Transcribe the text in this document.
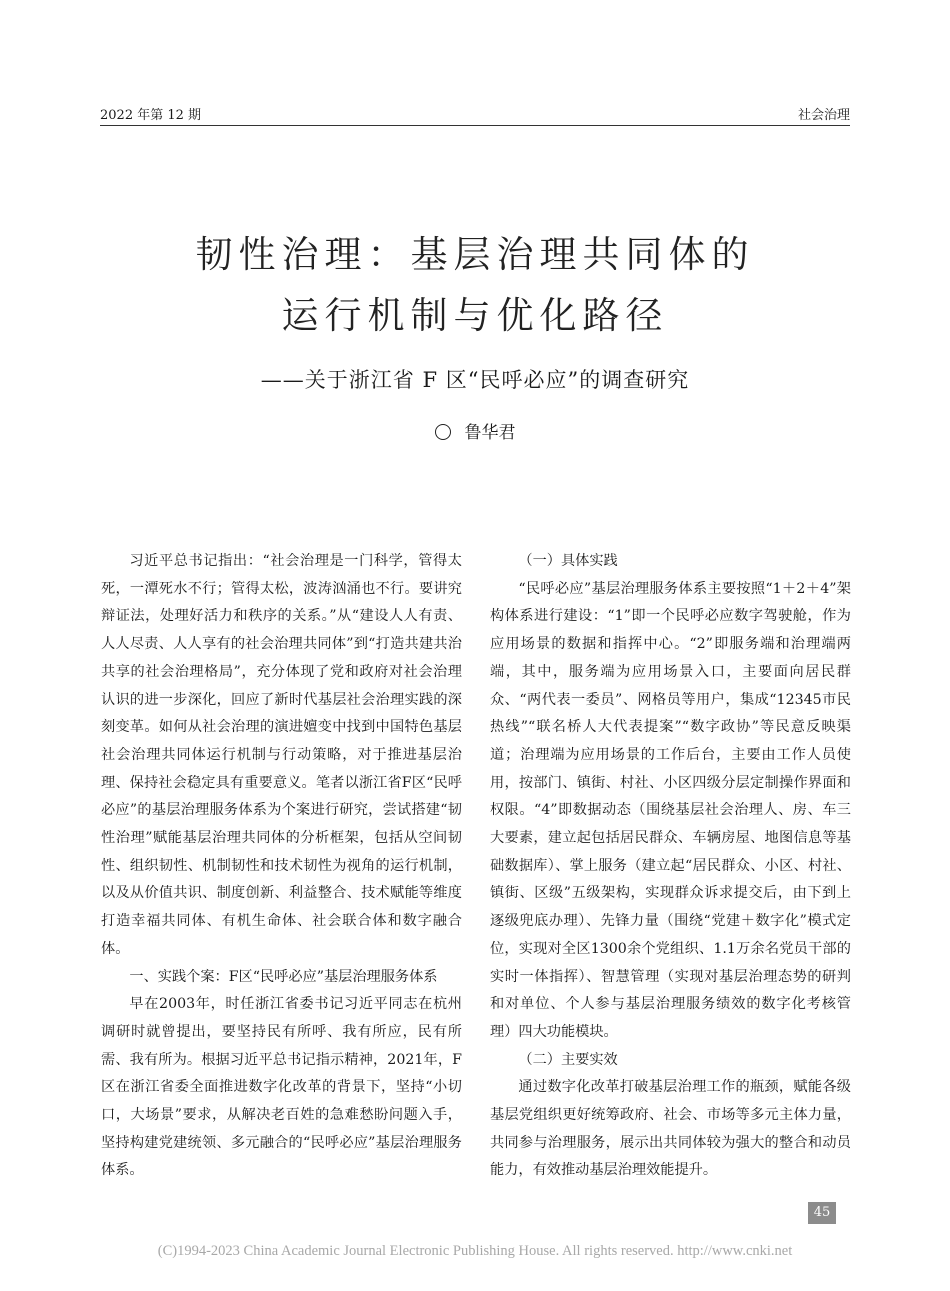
2022 年第 12 期	社会治理
韧性治理：基层治理共同体的
运行机制与优化路径
——关于浙江省 F 区“民呼必应”的调查研究
鲁华君

习近平总书记指出：“社会治理是一门科学，管得太死，一潭死水不行；管得太松，波涛汹涌也不行。要讲究辩证法，处理好活力和秩序的关系。”从“建设人人有责、人人尽责、人人享有的社会治理共同体”到“打造共建共治共享的社会治理格局”，充分体现了党和政府对社会治理认识的进一步深化，回应了新时代基层社会治理实践的深刻变革。如何从社会治理的演进嬗变中找到中国特色基层社会治理共同体运行机制与行动策略，对于推进基层治理、保持社会稳定具有重要意义。笔者以浙江省F区“民呼必应”的基层治理服务体系为个案进行研究，尝试搭建“韧性治理”赋能基层治理共同体的分析框架，包括从空间韧性、组织韧性、机制韧性和技术韧性为视角的运行机制，以及从价值共识、制度创新、利益整合、技术赋能等维度打造幸福共同体、有机生命体、社会联合体和数字融合体。

一、实践个案：F区“民呼必应”基层治理服务体系

早在2003年，时任浙江省委书记习近平同志在杭州调研时就曾提出，要坚持民有所呼、我有所应，民有所需、我有所为。根据习近平总书记指示精神，2021年，F区在浙江省委全面推进数字化改革的背景下，坚持“小切口，大场景”要求，从解决老百姓的急难愁盼问题入手，坚持构建党建统领、多元融合的“民呼必应”基层治理服务体系。

（一）具体实践

“民呼必应”基层治理服务体系主要按照“1＋2＋4”架构体系进行建设：“1”即一个民呼必应数字驾驶舱，作为应用场景的数据和指挥中心。“2”即服务端和治理端两端，其中，服务端为应用场景入口，主要面向居民群众、“两代表一委员”、网格员等用户，集成“12345市民热线”“联名桥人大代表提案”“数字政协”等民意反映渠道；治理端为应用场景的工作后台，主要由工作人员使用，按部门、镇街、村社、小区四级分层定制操作界面和权限。“4”即数据动态（围绕基层社会治理人、房、车三大要素，建立起包括居民群众、车辆房屋、地图信息等基础数据库）、掌上服务（建立起“居民群众、小区、村社、镇街、区级”五级架构，实现群众诉求提交后，由下到上逐级兜底办理）、先锋力量（围绕“党建＋数字化”模式定位，实现对全区1300余个党组织、1.1万余名党员干部的实时一体指挥）、智慧管理（实现对基层治理态势的研判和对单位、个人参与基层治理服务绩效的数字化考核管理）四大功能模块。

（二）主要实效

通过数字化改革打破基层治理工作的瓶颈，赋能各级基层党组织更好统筹政府、社会、市场等多元主体力量，共同参与治理服务，展示出共同体较为强大的整合和动员能力，有效推动基层治理效能提升。

45
(C)1994-2023 China Academic Journal Electronic Publishing House. All rights reserved. http://www.cnki.net
